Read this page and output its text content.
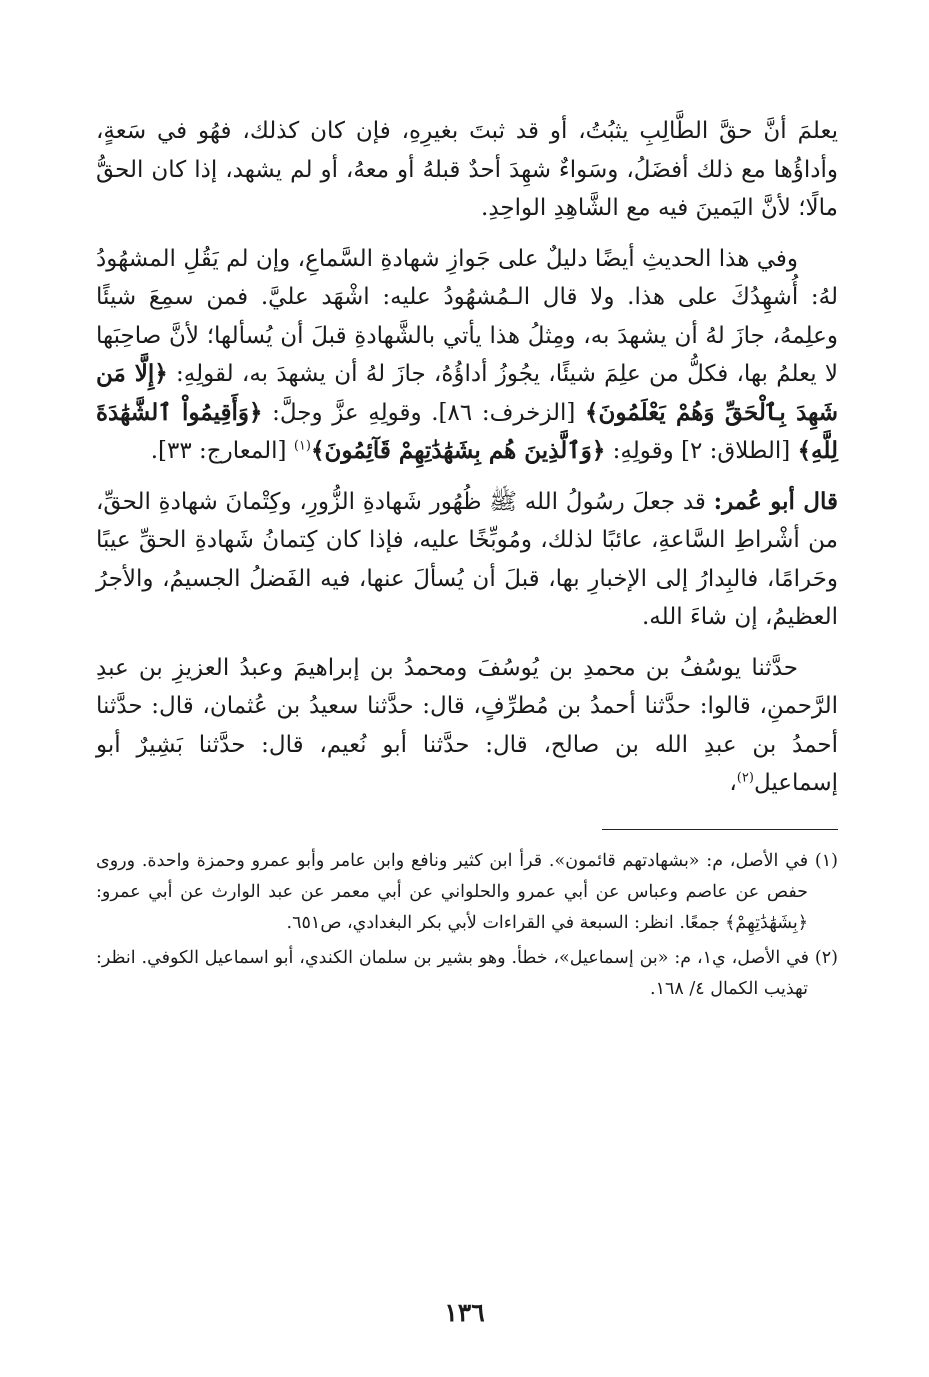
يعلمَ أنَّ حقَّ الطَّالِبِ يثبُتُ، أو قد ثبتَ بغيرِهِ، فإن كان كذلك، فهُو في سَعةٍ، وأداؤُها مع ذلك أفضَلُ، وسَواءٌ شهِدَ أحدٌ قبلهُ أو معهُ، أو لم يشهد، إذا كان الحقُّ مالًا؛ لأنَّ اليَمينَ فيه مع الشَّاهِدِ الواحِدِ.

وفي هذا الحديثِ أيضًا دليلٌ على جَوازِ شهادةِ السَّماعِ، وإن لم يَقُلِ المشهُودُ لهُ: أُشهِدُكَ على هذا. ولا قال الـمُشهُودُ عليه: اشْهَد عليَّ. فمن سمِعَ شيئًا وعلِمهُ، جازَ لهُ أن يشهدَ به، ومِثلُ هذا يأتي بالشَّهادةِ قبلَ أن يُسألها؛ لأنَّ صاحِبَها لا يعلمُ بها، فكلُّ من علِمَ شيئًا، يجُوزُ أداؤُهُ، جازَ لهُ أن يشهدَ به، لقولِهِ: ﴿إِلَّا مَن شَهِدَ بِٱلْحَقِّ وَهُمْ يَعْلَمُونَ﴾ [الزخرف: ٨٦]. وقولِهِ عزَّ وجلَّ: ﴿وَأَقِيمُواْ ٱلشَّهَٰدَةَ لِلَّهِ﴾ [الطلاق: ٢] وقولِهِ: ﴿وَٱلَّذِينَ هُم بِشَهَٰدَٰتِهِمْ قَآئِمُونَ﴾$^{(١)}$ [المعارج: ٣٣].

قال أبو عُمر: قد جعلَ رسُولُ الله ﷺ ظُهُور شَهادةِ الزُّورِ، وكِتْمانَ شهادةِ الحقِّ، من أشْراطِ السَّاعةِ، عائبًا لذلك، ومُوبِّخًا عليه، فإذا كان كِتمانُ شَهادةِ الحقِّ عيبًا وحَرامًا، فالبِدارُ إلى الإخبارِ بها، قبلَ أن يُسألَ عنها، فيه الفَضلُ الجسيمُ، والأجرُ العظيمُ، إن شاءَ الله.

حدَّثنا يوسُفُ بن محمدِ بن يُوسُفَ ومحمدُ بن إبراهيمَ وعبدُ العزيزِ بن عبدِ الرَّحمنِ، قالوا: حدَّثنا أحمدُ بن مُطرِّفٍ، قال: حدَّثنا سعيدُ بن عُثمان، قال: حدَّثنا أحمدُ بن عبدِ الله بن صالح، قال: حدَّثنا أبو نُعيم، قال: حدَّثنا بَشِيرٌ أبو إسماعيل$^{(٢)}$،

(١) في الأصل، م: «بشهادتهم قائمون». قرأ ابن كثير ونافع وابن عامر وأبو عمرو وحمزة واحدة. وروى حفص عن عاصم وعباس عن أبي عمرو والحلواني عن أبي معمر عن عبد الوارث عن أبي عمرو: ﴿بِشَهَٰدَٰتِهِمْ﴾ جمعًا. انظر: السبعة في القراءات لأبي بكر البغدادي، ص٦٥١.

(٢) في الأصل، ي١، م: «بن إسماعيل»، خطأ. وهو بشير بن سلمان الكندي، أبو اسماعيل الكوفي. انظر: تهذيب الكمال ٤/ ١٦٨.

١٣٦
